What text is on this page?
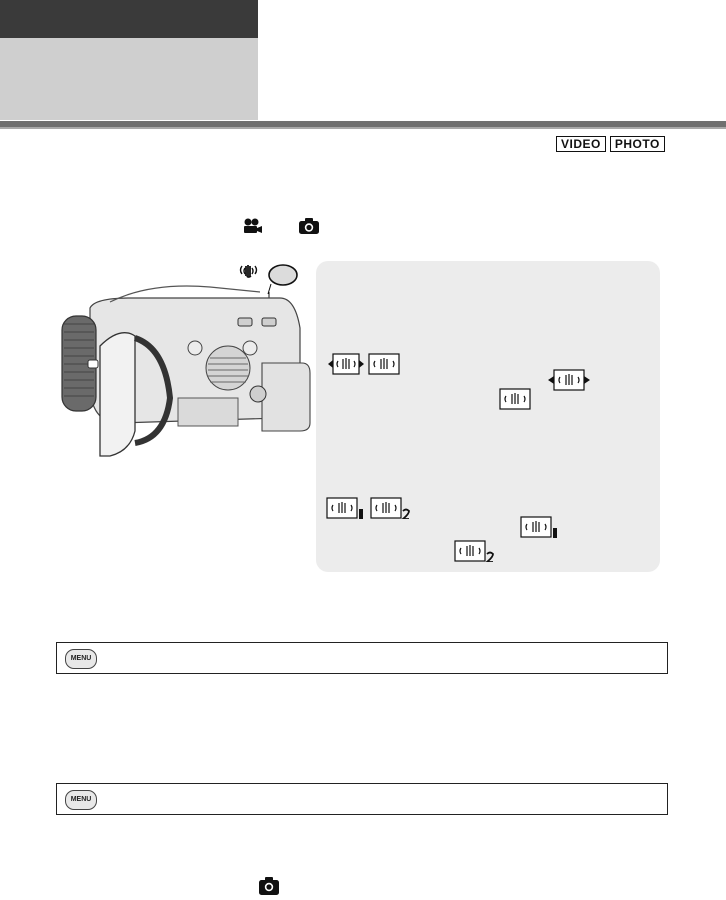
VIDEO	PHOTO
MENU
MENU
